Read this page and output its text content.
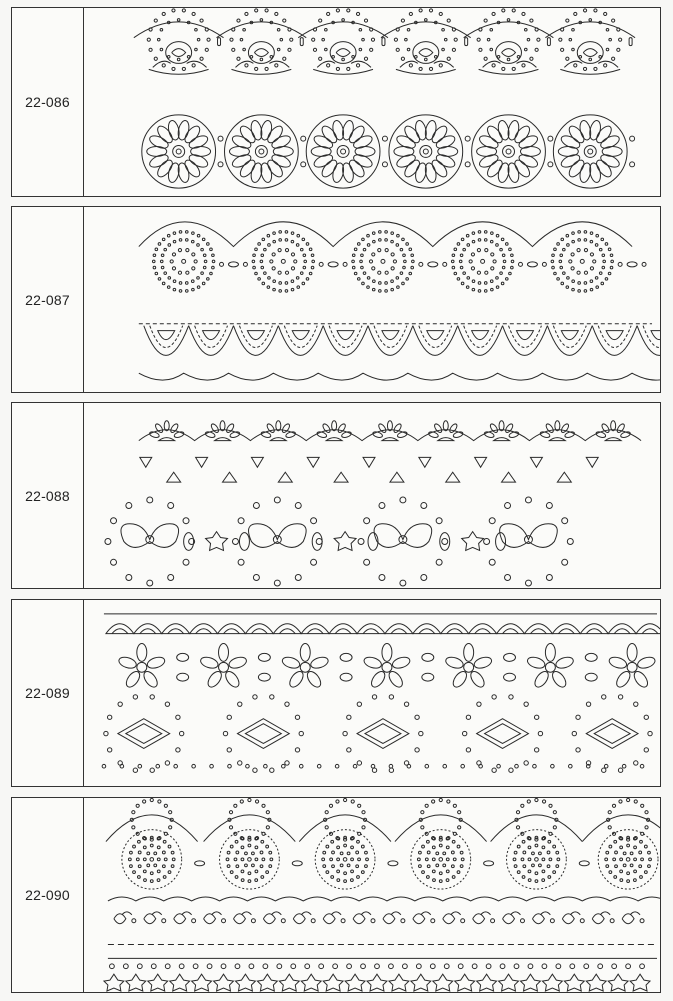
22-086
22-087
22-088
22-089
22-090
